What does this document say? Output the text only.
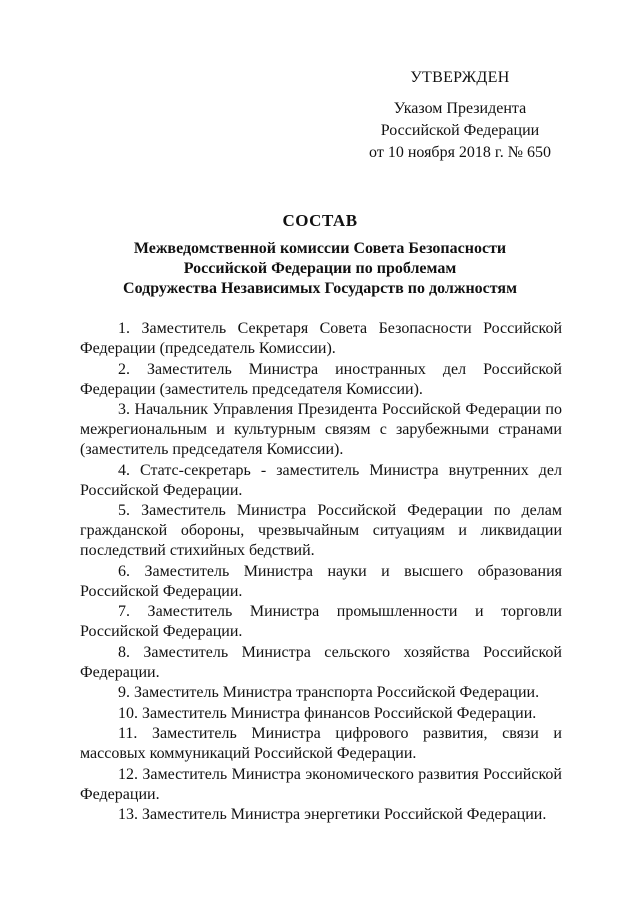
УТВЕРЖДЕН
Указом Президента
Российской Федерации
от 10 ноября 2018 г. № 650
СОСТАВ
Межведомственной комиссии Совета Безопасности
Российской Федерации по проблемам
Содружества Независимых Государств по должностям
1. Заместитель Секретаря Совета Безопасности Российской Федерации (председатель Комиссии).
2. Заместитель Министра иностранных дел Российской Федерации (заместитель председателя Комиссии).
3. Начальник Управления Президента Российской Федерации по межрегиональным и культурным связям с зарубежными странами (заместитель председателя Комиссии).
4. Статс-секретарь - заместитель Министра внутренних дел Российской Федерации.
5. Заместитель Министра Российской Федерации по делам гражданской обороны, чрезвычайным ситуациям и ликвидации последствий стихийных бедствий.
6. Заместитель Министра науки и высшего образования Российской Федерации.
7. Заместитель Министра промышленности и торговли Российской Федерации.
8. Заместитель Министра сельского хозяйства Российской Федерации.
9. Заместитель Министра транспорта Российской Федерации.
10. Заместитель Министра финансов Российской Федерации.
11. Заместитель Министра цифрового развития, связи и массовых коммуникаций Российской Федерации.
12. Заместитель Министра экономического развития Российской Федерации.
13. Заместитель Министра энергетики Российской Федерации.
